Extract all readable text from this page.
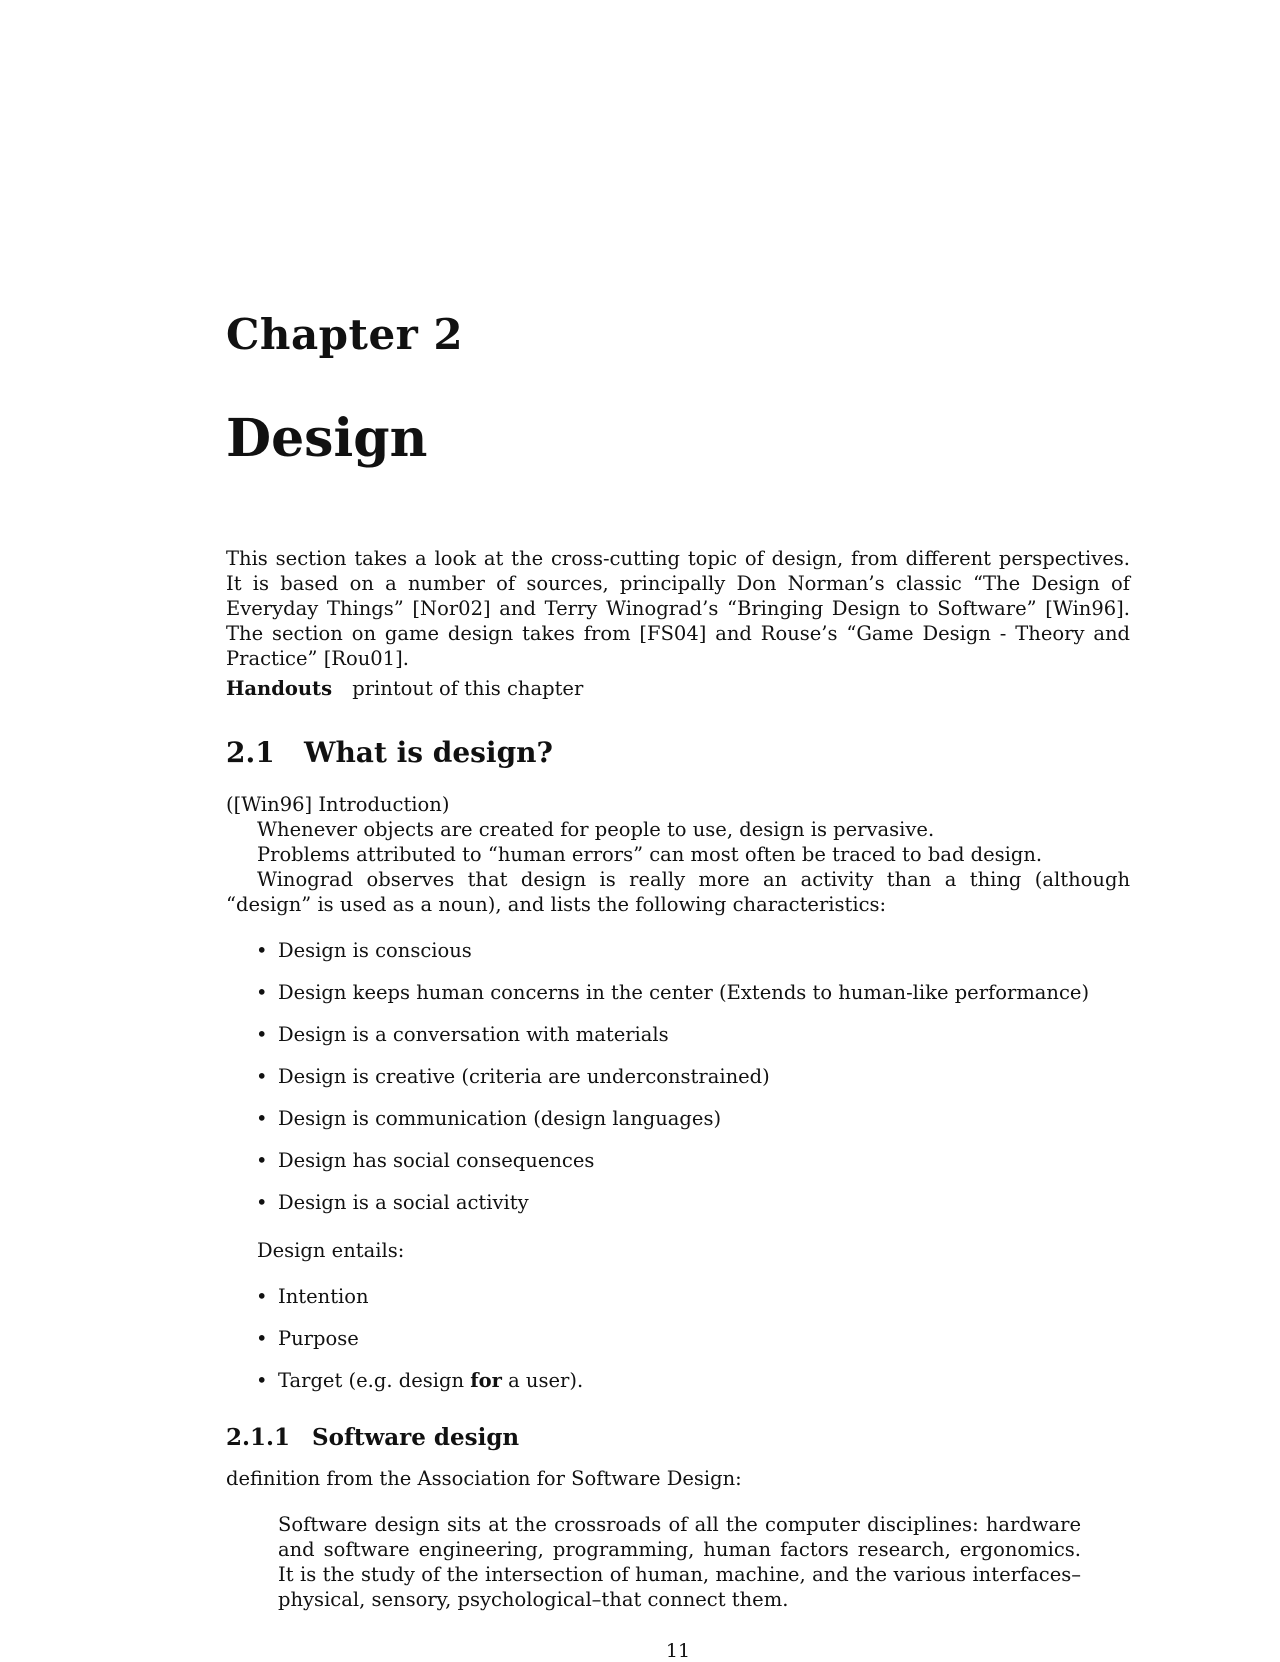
Chapter 2
Design

This section takes a look at the cross-cutting topic of design, from different perspectives. It is based on a number of sources, principally Don Norman’s classic “The Design of Everyday Things” [Nor02] and Terry Winograd’s “Bringing Design to Software” [Win96]. The section on game design takes from [FS04] and Rouse’s “Game Design - Theory and Practice” [Rou01].

Handouts printout of this chapter
2.1 What is design?

([Win96] Introduction)

Whenever objects are created for people to use, design is pervasive.

Problems attributed to “human errors” can most often be traced to bad design.

Winograd observes that design is really more an activity than a thing (although “design” is used as a noun), and lists the following characteristics:

• Design is conscious
• Design keeps human concerns in the center (Extends to human-like performance)
• Design is a conversation with materials
• Design is creative (criteria are underconstrained)
• Design is communication (design languages)
• Design has social consequences
• Design is a social activity
Design entails:
• Intention
• Purpose
• Target (e.g. design for a user).
2.1.1 Software design
definition from the Association for Software Design:
Software design sits at the crossroads of all the computer disciplines: hardware and software engineering, programming, human factors research, ergonomics. It is the study of the intersection of human, machine, and the various interfaces–physical, sensory, psychological–that connect them.
11
